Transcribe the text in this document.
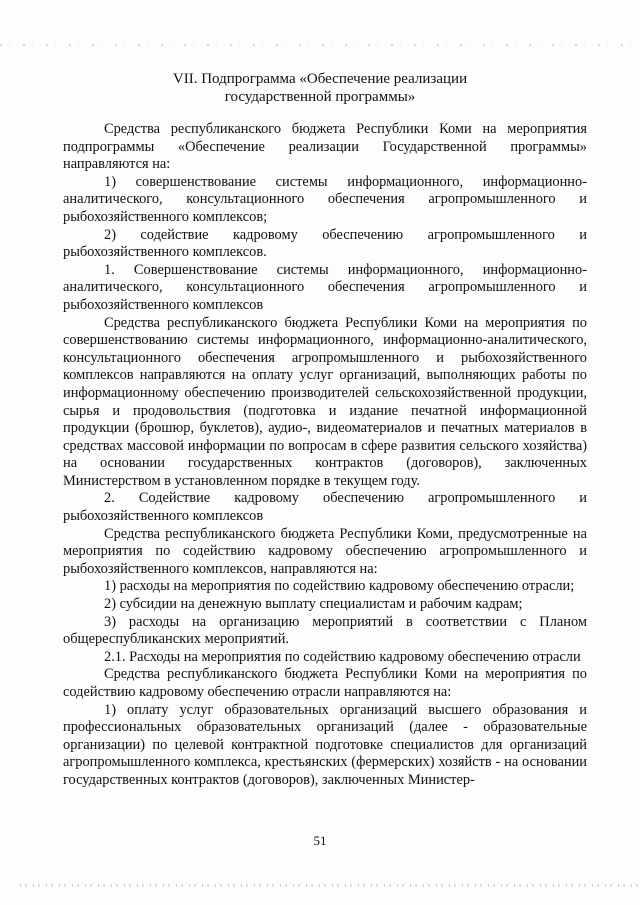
VII. Подпрограмма «Обеспечение реализации
государственной программы»

Средства республиканского бюджета Республики Коми на мероприятия подпрограммы «Обеспечение реализации Государственной программы» направляются на:

1) совершенствование системы информационного, информационно-аналитического, консультационного обеспечения агропромышленного и рыбохозяйственного комплексов;

2) содействие кадровому обеспечению агропромышленного и рыбохозяйственного комплексов.

1. Совершенствование системы информационного, информационно-аналитического, консультационного обеспечения агропромышленного и рыбохозяйственного комплексов

Средства республиканского бюджета Республики Коми на мероприятия по совершенствованию системы информационного, информационно-аналитического, консультационного обеспечения агропромышленного и рыбохозяйственного комплексов направляются на оплату услуг организаций, выполняющих работы по информационному обеспечению производителей сельскохозяйственной продукции, сырья и продовольствия (подготовка и издание печатной информационной продукции (брошюр, буклетов), аудио-, видеоматериалов и печатных материалов в средствах массовой информации по вопросам в сфере развития сельского хозяйства) на основании государственных контрактов (договоров), заключенных Министерством в установленном порядке в текущем году.

2. Содействие кадровому обеспечению агропромышленного и рыбохозяйственного комплексов

Средства республиканского бюджета Республики Коми, предусмотренные на мероприятия по содействию кадровому обеспечению агропромышленного и рыбохозяйственного комплексов, направляются на:

1) расходы на мероприятия по содействию кадровому обеспечению отрасли;

2) субсидии на денежную выплату специалистам и рабочим кадрам;

3) расходы на организацию мероприятий в соответствии с Планом общереспубликанских мероприятий.

2.1. Расходы на мероприятия по содействию кадровому обеспечению отрасли

Средства республиканского бюджета Республики Коми на мероприятия по содействию кадровому обеспечению отрасли направляются на:

1) оплату услуг образовательных организаций высшего образования и профессиональных образовательных организаций (далее - образовательные организации) по целевой контрактной подготовке специалистов для организаций агропромышленного комплекса, крестьянских (фермерских) хозяйств - на основании государственных контрактов (договоров), заключенных Министер-

51
